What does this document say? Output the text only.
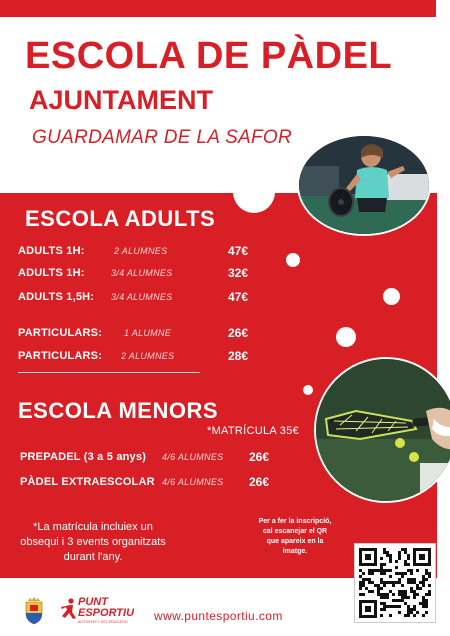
ESCOLA DE PÀDEL
AJUNTAMENT
GUARDAMAR DE LA SAFOR
ESCOLA ADULTS
ADULTS 1H:	2 ALUMNES	47€
ADULTS 1H:	3/4 ALUMNES	32€
ADULTS 1,5H: 3/4 ALUMNES	47€
PARTICULARS: 1 ALUMNE	26€
PARTICULARS: 2 ALUMNES	28€
ESCOLA MENORS

*MATRÍCULA 35€

PREPADEL (3 a 5 anys) 4/6 ALUMNES 26€
PÀDEL EXTRAESCOLAR 4/6 ALUMNES 26€

*La matrícula incluiex un obsequi i 3 events organitzats durant l'any.

Per a fer la inscripció, cal escanejar el QR que apareix en la imatge.

PUNT
ESPORTIU
ACTIVITAT I OCI EDUCATIU www.puntesportiu.com
